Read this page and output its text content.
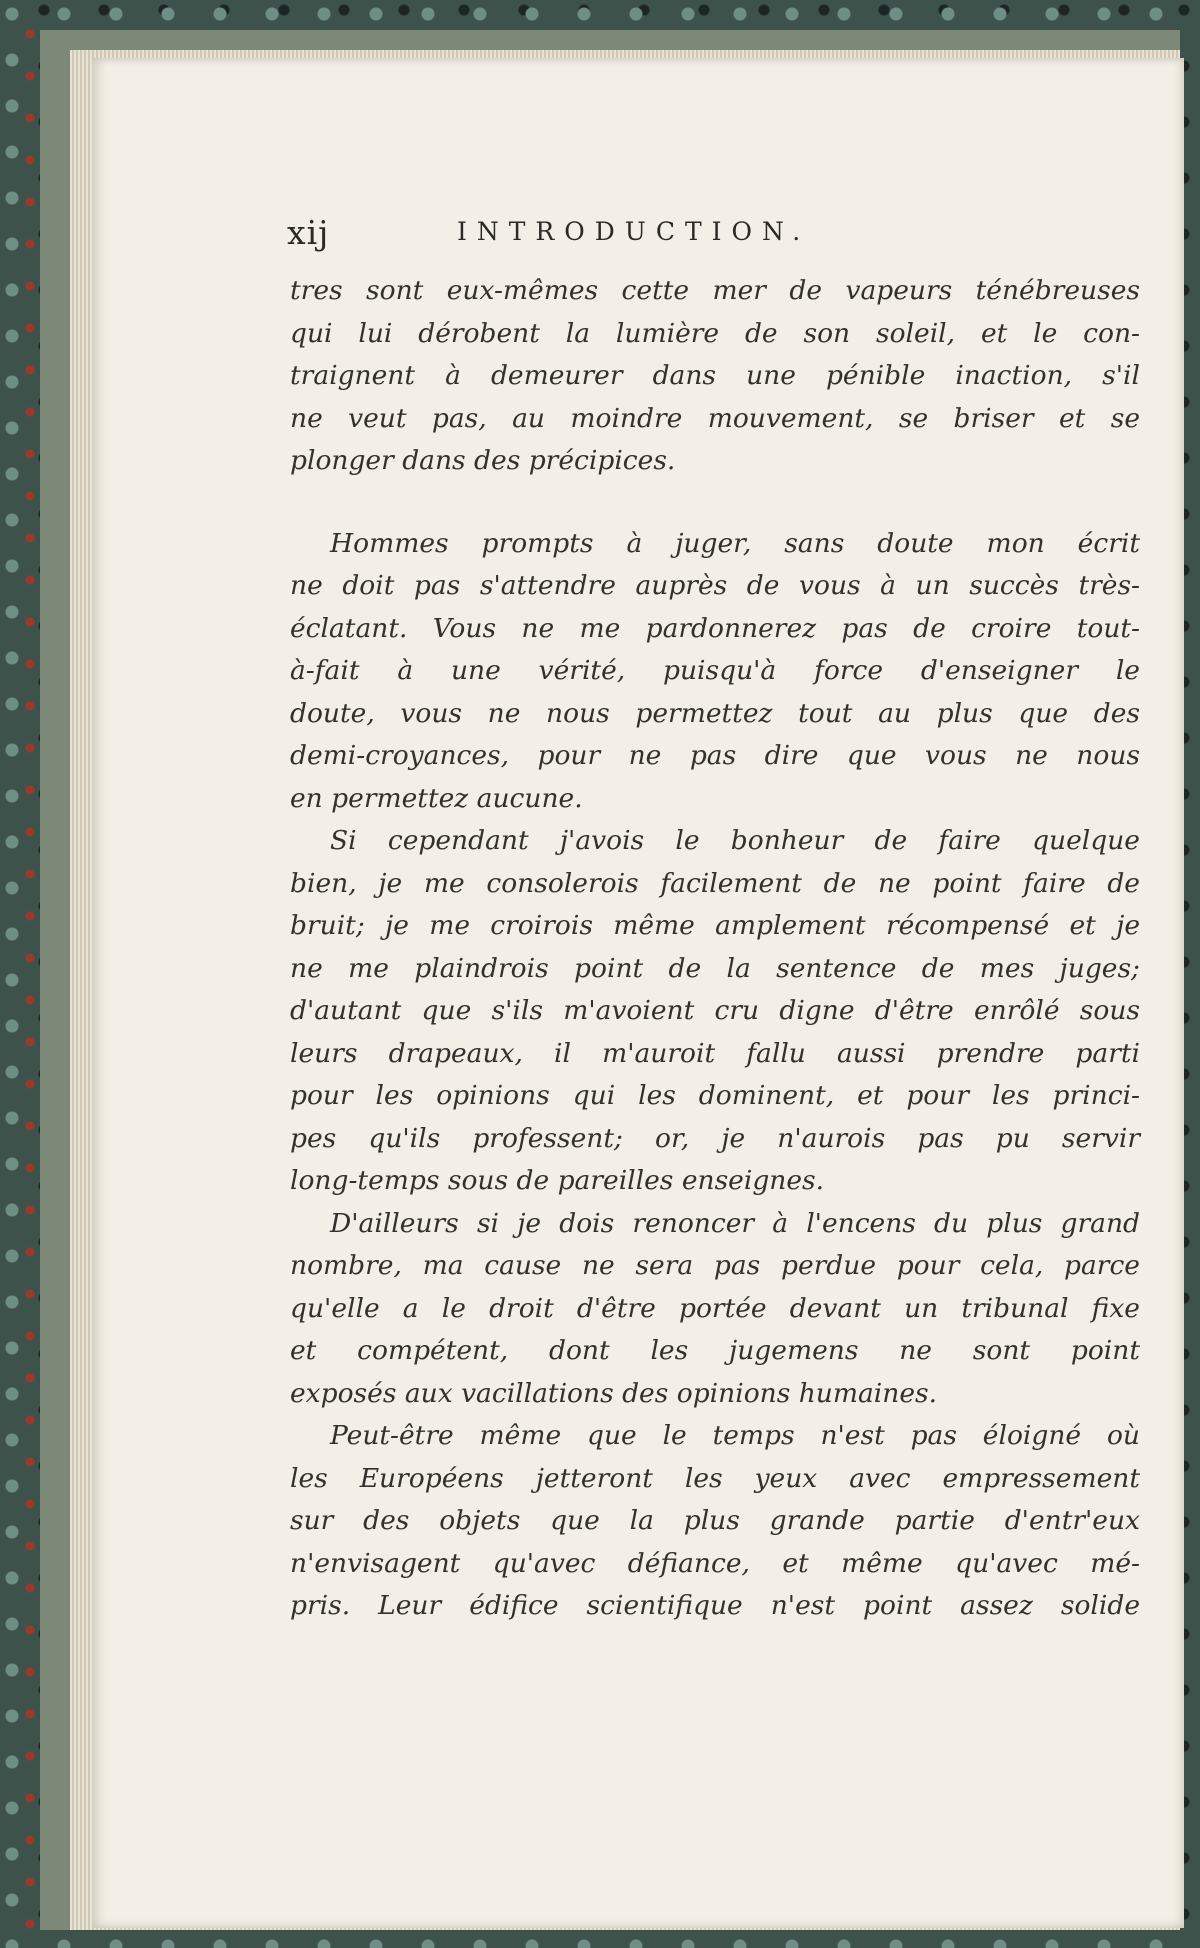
xij	INTRODUCTION.
tres sont eux-mêmes cette mer de vapeurs ténébreuses
qui lui dérobent la lumière de son soleil, et le con-
traignent à demeurer dans une pénible inaction, s'il
ne veut pas, au moindre mouvement, se briser et se
plonger dans des précipices.
Hommes prompts à juger, sans doute mon écrit
ne doit pas s'attendre auprès de vous à un succès très-
éclatant. Vous ne me pardonnerez pas de croire tout-
à-fait à une vérité, puisqu'à force d'enseigner le
doute, vous ne nous permettez tout au plus que des
demi-croyances, pour ne pas dire que vous ne nous
en permettez aucune.
Si cependant j'avois le bonheur de faire quelque
bien, je me consolerois facilement de ne point faire de
bruit; je me croirois même amplement récompensé et je
ne me plaindrois point de la sentence de mes juges;
d'autant que s'ils m'avoient cru digne d'être enrôlé sous
leurs drapeaux, il m'auroit fallu aussi prendre parti
pour les opinions qui les dominent, et pour les princi-
pes qu'ils professent; or, je n'aurois pas pu servir
long-temps sous de pareilles enseignes.
D'ailleurs si je dois renoncer à l'encens du plus grand
nombre, ma cause ne sera pas perdue pour cela, parce
qu'elle a le droit d'être portée devant un tribunal fixe
et compétent, dont les jugemens ne sont point
exposés aux vacillations des opinions humaines.
Peut-être même que le temps n'est pas éloigné où
les Européens jetteront les yeux avec empressement
sur des objets que la plus grande partie d'entr'eux
n'envisagent qu'avec défiance, et même qu'avec mé-
pris. Leur édifice scientifique n'est point assez solide
